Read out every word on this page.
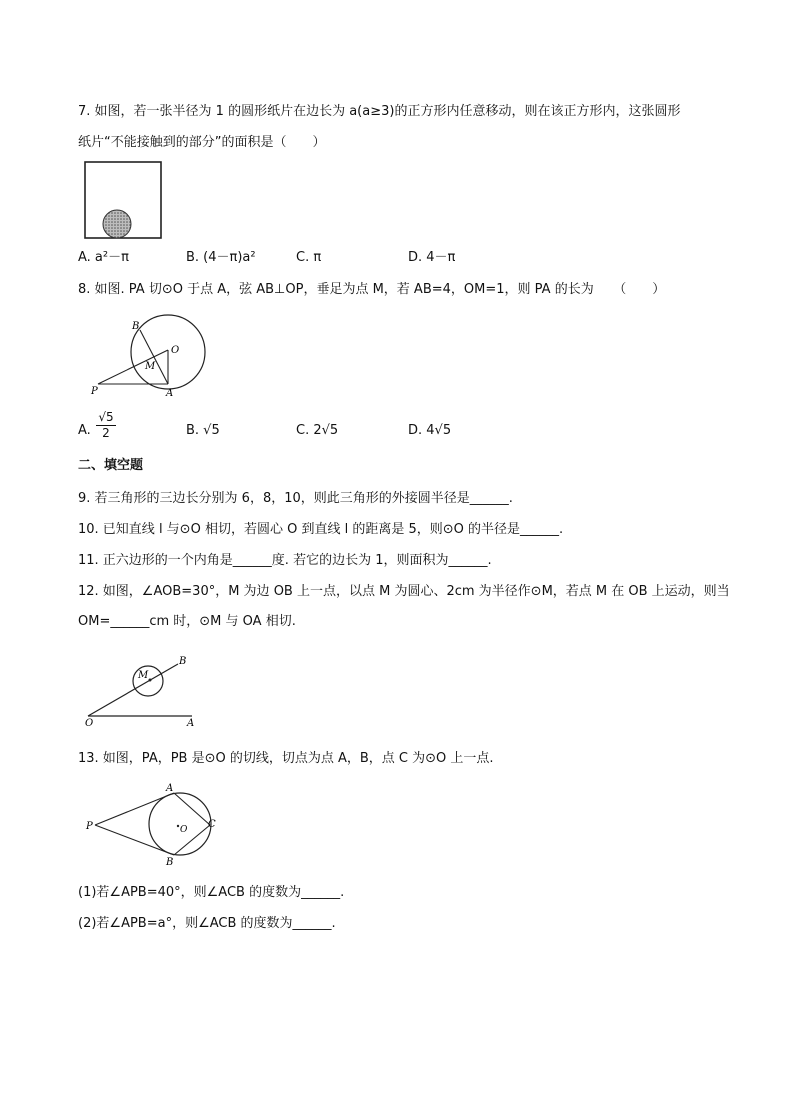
7. 如图，若一张半径为 1 的圆形纸片在边长为 a(a≥3)的正方形内任意移动，则在该正方形内，这张圆形
纸片“不能接触到的部分”的面积是（　　）
A. a²－π	B. (4－π)a²	C. π	D. 4－π
8. 如图. PA 切⊙O 于点 A，弦 AB⊥OP，垂足为点 M，若 AB=4，OM=1，则 PA 的长为　　（　　）
B
O
M
P	A
A. $\frac{√5}{2}$	B. √5	C. 2√5	D. 4√5
二、填空题
9. 若三角形的三边长分别为 6，8，10，则此三角形的外接圆半径是______.
10. 已知直线 l 与⊙O 相切，若圆心 O 到直线 l 的距离是 5，则⊙O 的半径是______.
11. 正六边形的一个内角是______度. 若它的边长为 1，则面积为______.
12. 如图，∠AOB=30°，M 为边 OB 上一点，以点 M 为圆心、2cm 为半径作⊙M，若点 M 在 OB 上运动，则当
OM=______cm 时，⊙M 与 OA 相切.
M
B
O	A
13. 如图，PA，PB 是⊙O 的切线，切点为点 A，B，点 C 为⊙O 上一点.
P
A
B
C
O
(1)若∠APB=40°，则∠ACB 的度数为______.
(2)若∠APB=a°，则∠ACB 的度数为______.
